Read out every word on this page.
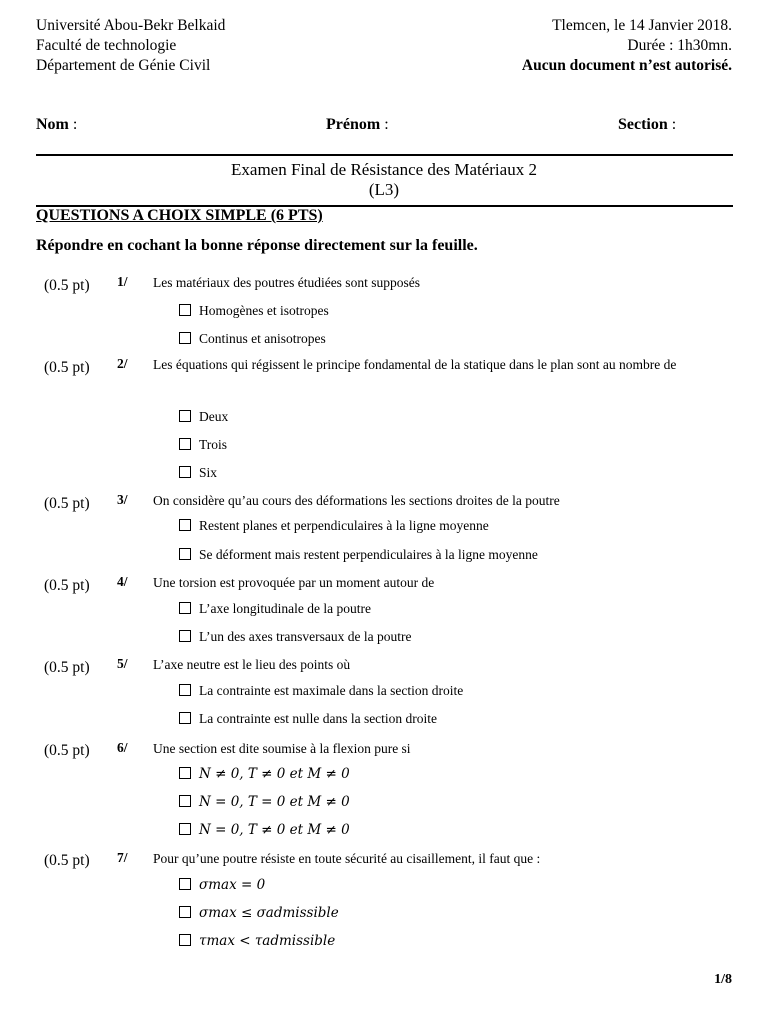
Université Abou-Bekr Belkaid
Faculté de technologie
Département de Génie Civil
Tlemcen, le 14 Janvier 2018.
Durée : 1h30mn.
Aucun document n’est autorisé.
Nom :	Prénom :	Section :
Examen Final de Résistance des Matériaux 2
(L3)
QUESTIONS A CHOIX SIMPLE (6 PTS)
Répondre en cochant la bonne réponse directement sur la feuille.
(0.5 pt) 1/ Les matériaux des poutres étudiées sont supposés
Homogènes et isotropes
Continus et anisotropes
(0.5 pt) 2/ Les équations qui régissent le principe fondamental de la statique dans le plan sont au nombre de
Deux
Trois
Six
(0.5 pt) 3/ On considère qu’au cours des déformations les sections droites de la poutre
Restent planes et perpendiculaires à la ligne moyenne
Se déforment mais restent perpendiculaires à la ligne moyenne
(0.5 pt) 4/ Une torsion est provoquée par un moment autour de
L’axe longitudinale de la poutre
L’un des axes transversaux de la poutre
(0.5 pt) 5/ L’axe neutre est le lieu des points où
La contrainte est maximale dans la section droite
La contrainte est nulle dans la section droite
(0.5 pt) 6/ Une section est dite soumise à la flexion pure si
N ≠ 0, T ≠ 0 et M ≠ 0
N = 0, T = 0 et M ≠ 0
N = 0, T ≠ 0 et M ≠ 0
(0.5 pt) 7/ Pour qu’une poutre résiste en toute sécurité au cisaillement, il faut que :
σmax = 0
σmax ≤ σadmissible
τmax < τadmissible
1/8
